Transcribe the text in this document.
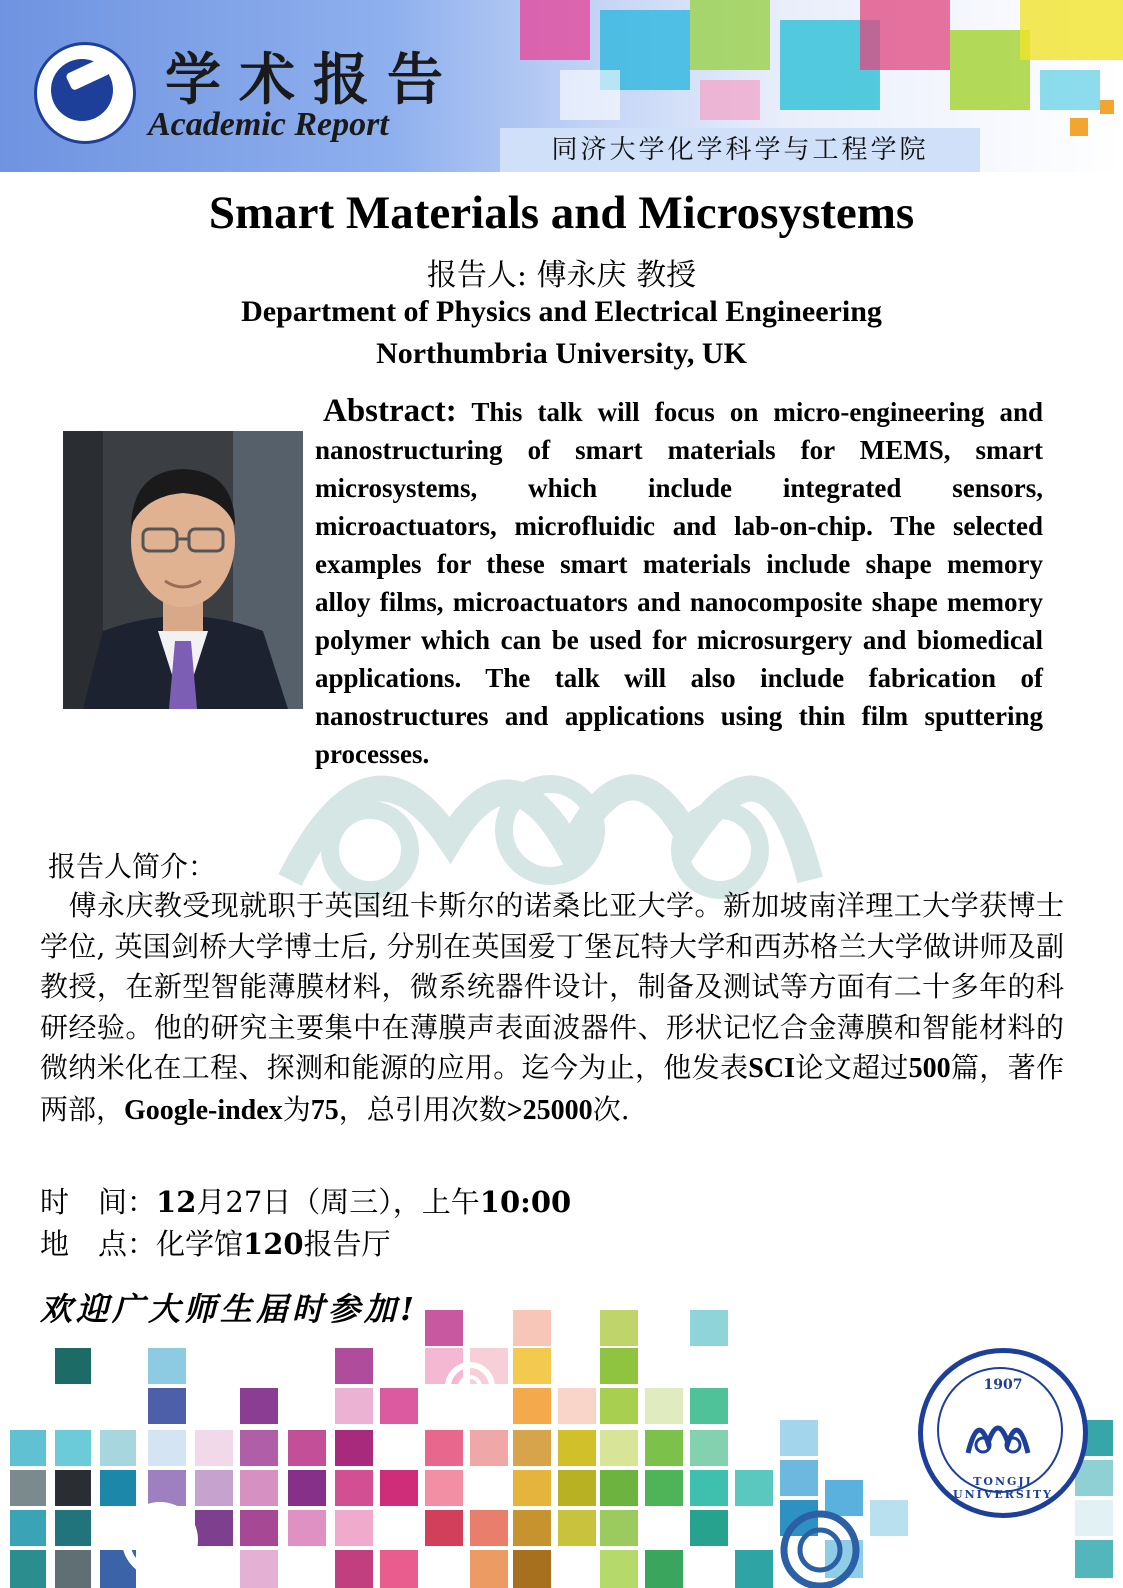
学术报告
Academic Report
同济大学化学科学与工程学院
Smart Materials and Microsystems
报告人: 傅永庆 教授
Department of Physics and Electrical Engineering
Northumbria University, UK
Abstract: This talk will focus on micro-engineering and nanostructuring of smart materials for MEMS, smart microsystems, which include integrated sensors, microactuators, microfluidic and lab-on-chip. The selected examples for these smart materials include shape memory alloy films, microactuators and nanocomposite shape memory polymer which can be used for microsurgery and biomedical applications. The talk will also include fabrication of nanostructures and applications using thin film sputtering processes.
报告人简介：
　傅永庆教受现就职于英国纽卡斯尔的诺桑比亚大学。新加坡南洋理工大学获博士学位, 英国剑桥大学博士后, 分别在英国爱丁堡瓦特大学和西苏格兰大学做讲师及副教授，在新型智能薄膜材料，微系统器件设计，制备及测试等方面有二十多年的科研经验。他的研究主要集中在薄膜声表面波器件、形状记忆合金薄膜和智能材料的微纳米化在工程、探测和能源的应用。迄今为止，他发表SCI论文超过500篇，著作两部，Google-index为75，总引用次数>25000次.
时　间：12月27日（周三），上午10:00
地　点：化学馆120报告厅
欢迎广大师生届时参加!
1907
TONGJI UNIVERSITY
